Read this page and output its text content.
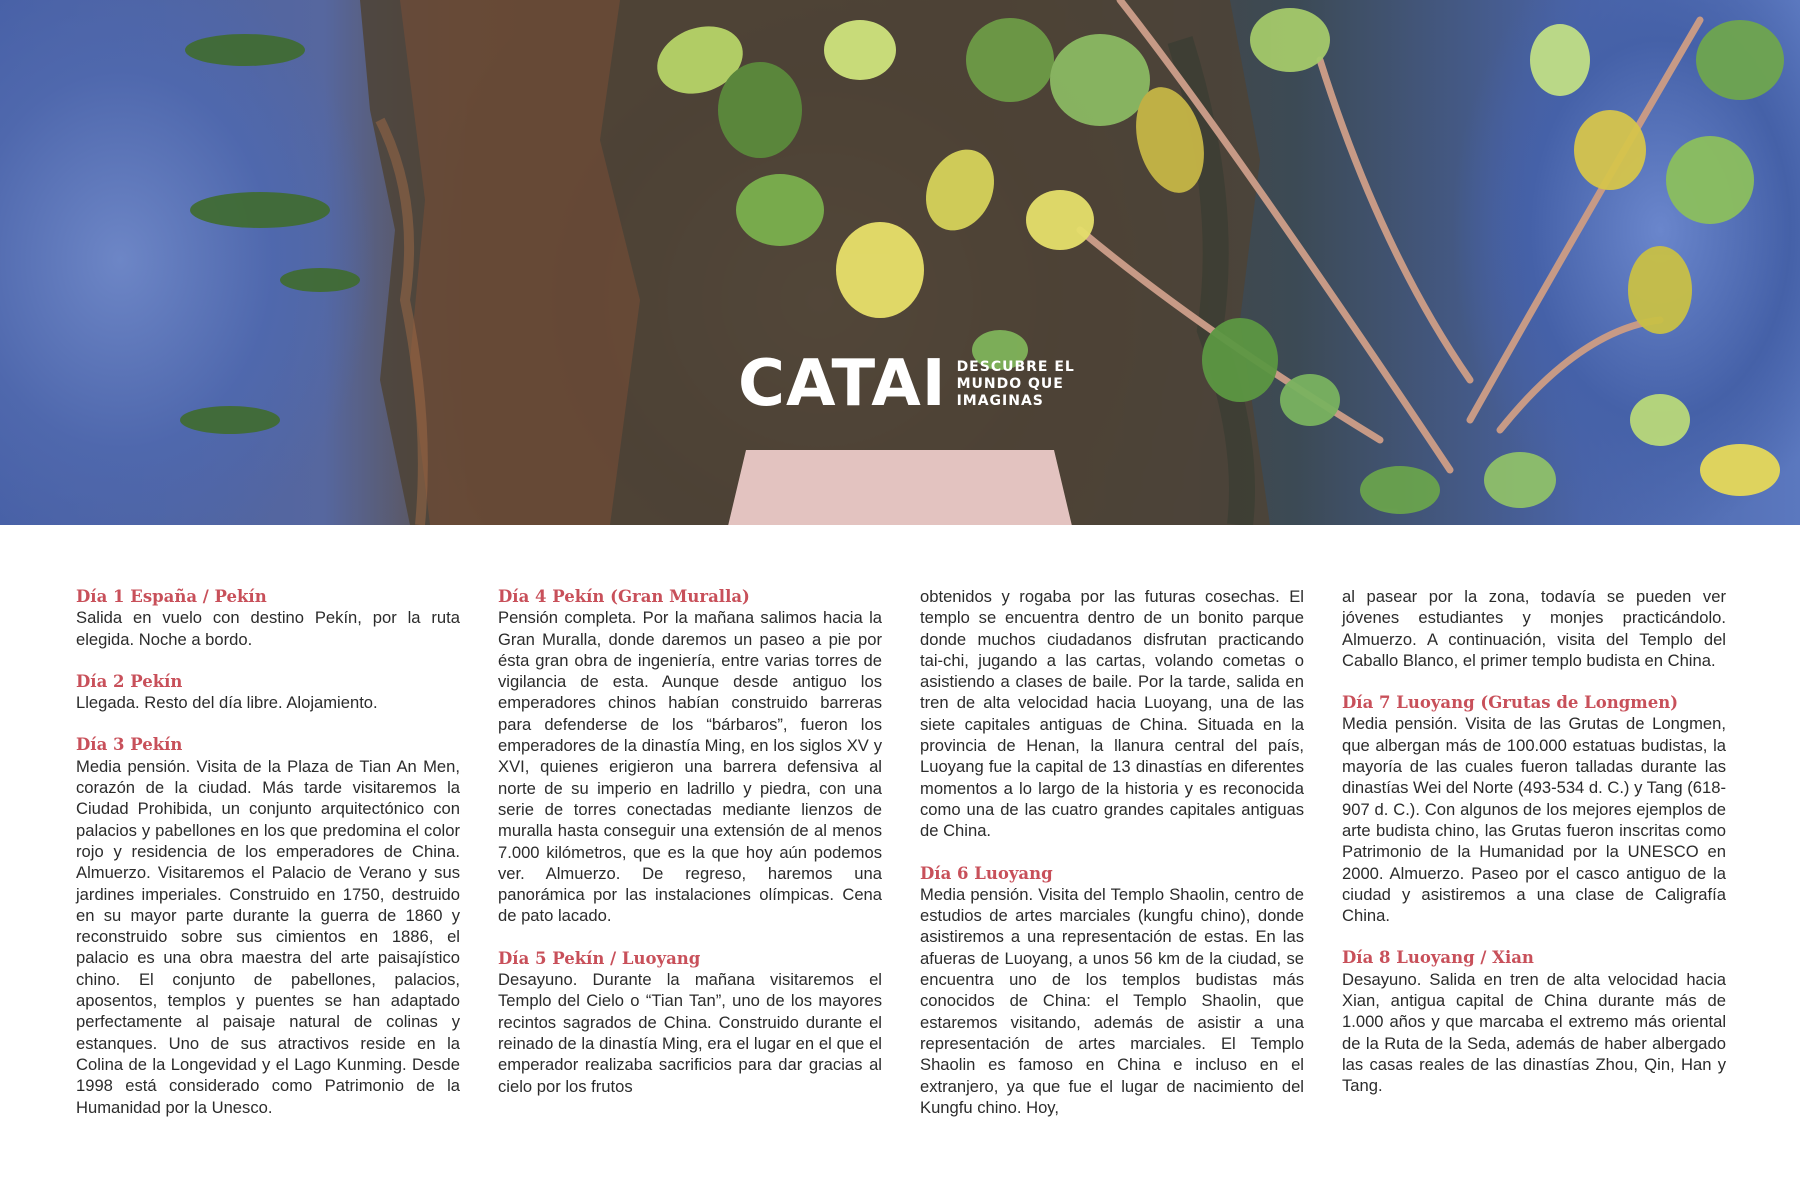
CATAI DESCUBRE EL
MUNDO QUE
IMAGINAS
Día 1 España / Pekín
Salida en vuelo con destino Pekín, por la ruta elegida. Noche a bordo.
Día 2 Pekín
Llegada. Resto del día libre. Alojamiento.
Día 3 Pekín
Media pensión. Visita de la Plaza de Tian An Men, corazón de la ciudad. Más tarde visitaremos la Ciudad Prohibida, un conjunto arquitectónico con palacios y pabellones en los que predomina el color rojo y residencia de los emperadores de China. Almuerzo. Visitaremos el Palacio de Verano y sus jardines imperiales. Construido en 1750, destruido en su mayor parte durante la guerra de 1860 y reconstruido sobre sus cimientos en 1886, el palacio es una obra maestra del arte paisajístico chino. El conjunto de pabellones, palacios, aposentos, templos y puentes se han adaptado perfectamente al paisaje natural de colinas y estanques. Uno de sus atractivos reside en la Colina de la Longevidad y el Lago Kunming. Desde 1998 está considerado como Patrimonio de la Humanidad por la Unesco.
Día 4 Pekín (Gran Muralla)
Pensión completa. Por la mañana salimos hacia la Gran Muralla, donde daremos un paseo a pie por ésta gran obra de ingeniería, entre varias torres de vigilancia de esta. Aunque desde antiguo los emperadores chinos habían construido barreras para defenderse de los “bárbaros”, fueron los emperadores de la dinastía Ming, en los siglos XV y XVI, quienes erigieron una barrera defensiva al norte de su imperio en ladrillo y piedra, con una serie de torres conectadas mediante lienzos de muralla hasta conseguir una extensión de al menos 7.000 kilómetros, que es la que hoy aún podemos ver. Almuerzo. De regreso, haremos una panorámica por las instalaciones olímpicas. Cena de pato lacado.
Día 5 Pekín / Luoyang
Desayuno. Durante la mañana visitaremos el Templo del Cielo o “Tian Tan”, uno de los mayores recintos sagrados de China. Construido durante el reinado de la dinastía Ming, era el lugar en el que el emperador realizaba sacrificios para dar gracias al cielo por los frutos
obtenidos y rogaba por las futuras cosechas. El templo se encuentra dentro de un bonito parque donde muchos ciudadanos disfrutan practicando tai-chi, jugando a las cartas, volando cometas o asistiendo a clases de baile. Por la tarde, salida en tren de alta velocidad hacia Luoyang, una de las siete capitales antiguas de China. Situada en la provincia de Henan, la llanura central del país, Luoyang fue la capital de 13 dinastías en diferentes momentos a lo largo de la historia y es reconocida como una de las cuatro grandes capitales antiguas de China.
Día 6 Luoyang
Media pensión. Visita del Templo Shaolin, centro de estudios de artes marciales (kungfu chino), donde asistiremos a una representación de estas. En las afueras de Luoyang, a unos 56 km de la ciudad, se encuentra uno de los templos budistas más conocidos de China: el Templo Shaolin, que estaremos visitando, además de asistir a una representación de artes marciales. El Templo Shaolin es famoso en China e incluso en el extranjero, ya que fue el lugar de nacimiento del Kungfu chino. Hoy,
al pasear por la zona, todavía se pueden ver jóvenes estudiantes y monjes practicándolo. Almuerzo. A continuación, visita del Templo del Caballo Blanco, el primer templo budista en China.
Día 7 Luoyang (Grutas de Longmen)
Media pensión. Visita de las Grutas de Longmen, que albergan más de 100.000 estatuas budistas, la mayoría de las cuales fueron talladas durante las dinastías Wei del Norte (493-534 d. C.) y Tang (618-907 d. C.). Con algunos de los mejores ejemplos de arte budista chino, las Grutas fueron inscritas como Patrimonio de la Humanidad por la UNESCO en 2000. Almuerzo. Paseo por el casco antiguo de la ciudad y asistiremos a una clase de Caligrafía China.
Día 8 Luoyang / Xian
Desayuno. Salida en tren de alta velocidad hacia Xian, antigua capital de China durante más de 1.000 años y que marcaba el extremo más oriental de la Ruta de la Seda, además de haber albergado las casas reales de las dinastías Zhou, Qin, Han y Tang.
